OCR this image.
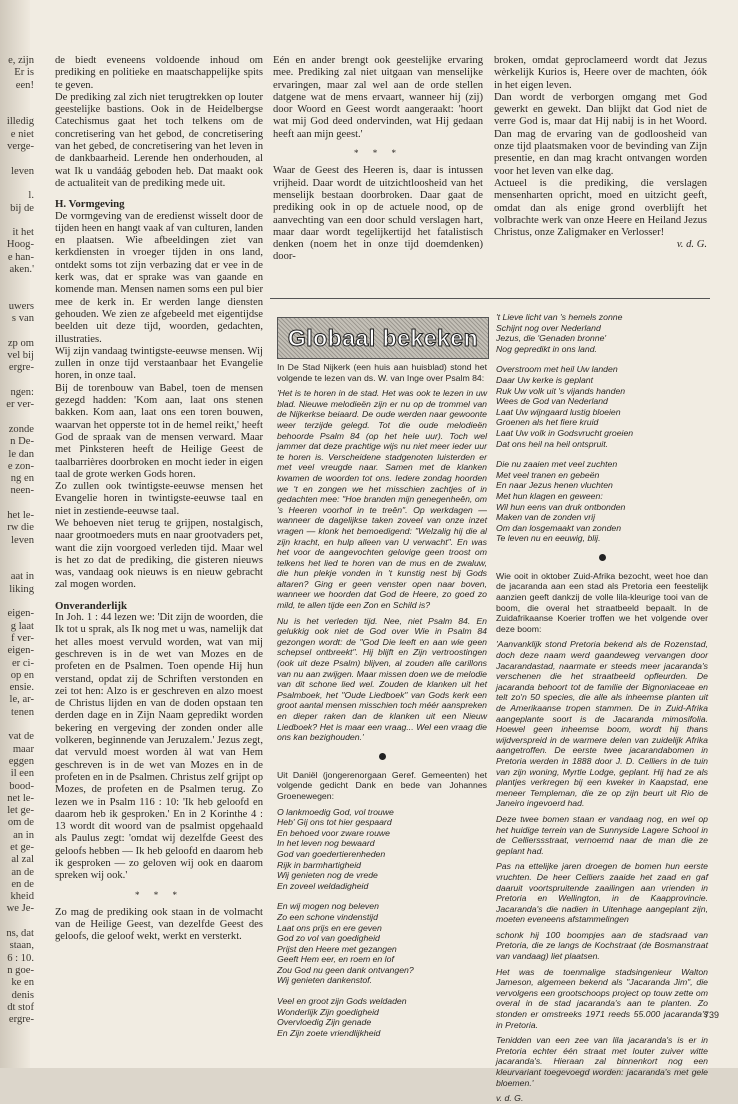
e, zijn
Er is
een!
illedig
e niet
verge-
leven
l.
bij de
it het
Hoog-
e han-
aken.'
uwers
s van
zp om
vel bij
ergre-
ngen:
er ver-
zonde
n De-
le dan
e zon-
ng en
neen-
het le-
rw die
leven
aat in
liking
eigen-
g laat
f ver-
eigen-
er ci-
op en
ensie.
le, ar-
tenen
vat de
maar
eggen
il een
bood-
net le-
let ge-
om de
an in
et ge-
al zal
an de
en de
kheid
we Je-
ns, dat
staan,
6 : 10.
n goe-
ke en
denis
dt stof
ergre-

de biedt eveneens voldoende inhoud om prediking en politieke en maatschappelijke spits te geven.

De prediking zal zich niet terugtrekken op louter geestelijke bastions. Ook in de Heidelbergse Catechismus gaat het toch telkens om de concretisering van het gebod, de concretisering van het gebed, de concretisering van het leven in de dankbaarheid. Lerende hen onderhouden, al wat Ik u vandáág geboden heb. Dat maakt ook de actualiteit van de prediking mede uit.

H. Vormgeving

De vormgeving van de eredienst wisselt door de tijden heen en hangt vaak af van culturen, landen en plaatsen. Wie afbeeldingen ziet van kerkdiensten in vroeger tijden in ons land, ontdekt soms tot zijn verbazing dat er vee in de kerk was, dat er sprake was van gaande en komende man. Mensen namen soms een pul bier mee de kerk in. Er werden lange diensten gehouden. We zien ze afgebeeld met eigentijdse beelden uit deze tijd, woorden, gedachten, illustraties.

Wij zijn vandaag twintigste-eeuwse mensen. Wij zullen in onze tijd verstaanbaar het Evangelie horen, in onze taal.

Bij de torenbouw van Babel, toen de mensen gezegd hadden: 'Kom aan, laat ons stenen bakken. Kom aan, laat ons een toren bouwen, waarvan het opperste tot in de hemel reikt,' heeft God de spraak van de mensen verward. Maar met Pinksteren heeft de Heilige Geest de taalbarrières doorbroken en mocht ieder in eigen taal de grote werken Gods horen.

Zo zullen ook twintigste-eeuwse mensen het Evangelie horen in twintigste-eeuwse taal en niet in zestiende-eeuwse taal.

We behoeven niet terug te grijpen, nostalgisch, naar grootmoeders muts en naar grootvaders pet, want die zijn voorgoed verleden tijd. Maar wel is het zo dat de prediking, die gisteren nieuws was, vandaag ook nieuws is en nieuw gebracht zal mogen worden.

Onveranderlijk

In Joh. 1 : 44 lezen we: 'Dit zijn de woorden, die Ik tot u sprak, als Ik nog met u was, namelijk dat het alles moest vervuld worden, wat van mij geschreven is in de wet van Mozes en de profeten en de Psalmen. Toen opende Hij hun verstand, opdat zij de Schriften verstonden en zei tot hen: Alzo is er geschreven en alzo moest de Christus lijden en van de doden opstaan ten derden dage en in Zijn Naam gepredikt worden bekering en vergeving der zonden onder alle volkeren, beginnende van Jeruzalem.' Jezus zegt, dat vervuld moest worden àl wat van Hem geschreven is in de wet van Mozes en in de profeten en in de Psalmen. Christus zelf grijpt op Mozes, de profeten en de Psalmen terug. Zo lezen we in Psalm 116 : 10: 'Ik heb geloofd en daarom heb ik gesproken.' En in 2 Korinthe 4 : 13 wordt dit woord van de psalmist opgehaald als Paulus zegt: 'omdat wij dezelfde Geest des geloofs hebben — Ik heb geloofd en daarom heb ik gesproken — zo geloven wij ook en daarom spreken wij ook.'

* * *

Zo mag de prediking ook staan in de volmacht van de Heilige Geest, van dezelfde Geest des geloofs, die geloof wekt, werkt en versterkt.

Eén en ander brengt ook geestelijke ervaring mee. Prediking zal niet uitgaan van menselijke ervaringen, maar zal wel aan de orde stellen datgene wat de mens ervaart, wanneer hij (zij) door Woord en Geest wordt aangeraakt: 'hoort wat mij God deed ondervinden, wat Hij gedaan heeft aan mijn geest.'

* * *

Waar de Geest des Heeren is, daar is intussen vrijheid. Daar wordt de uitzichtloosheid van het menselijk bestaan doorbroken. Daar gaat de prediking ook in op de actuele nood, op de aanvechting van een door schuld verslagen hart, maar daar wordt tegelijkertijd het fatalistisch denken (noem het in onze tijd doemdenken) door-

broken, omdat geproclameerd wordt dat Jezus wèrkelijk Kurios is, Heere over de machten, óók in het eigen leven.

Dan wordt de verborgen omgang met God gewerkt en gewekt. Dan blijkt dat God niet de verre God is, maar dat Hij nabij is in het Woord. Dan mag de ervaring van de godloosheid van onze tijd plaatsmaken voor de bevinding van Zijn presentie, en dan mag kracht ontvangen worden voor het leven van elke dag.

Actueel is die prediking, die verslagen mensenharten opricht, moed en uitzicht geeft, omdat dan als enige grond overblijft het volbrachte werk van onze Heere en Heiland Jezus Christus, onze Zaligmaker en Verlosser!

v. d. G.

Globaal bekeken

In De Stad Nijkerk (een huis aan huisblad) stond het volgende te lezen van ds. W. van Inge over Psalm 84:

'Het is te horen in de stad. Het was ook te lezen in uw blad. Nieuwe melodieën zijn er nu op de trommel van de Nijkerkse beiaard. De oude werden naar gewoonte weer terzijde gelegd. Tot die oude melodieën behoorde Psalm 84 (op het hele uur). Toch wel jammer dat deze prachtige wijs nu niet meer ieder uur te horen is. Verscheidene stadgenoten luisterden er met veel vreugde naar. Samen met de klanken kwamen de woorden tot ons. Iedere zondag hoorden we 't en zongen we het misschien zachtjes of in gedachten mee: "Hoe branden mijn genegenheên, om 's Heeren voorhof in te treên". Op werkdagen — wanneer de dagelijkse taken zoveel van onze inzet vragen — klonk het bemoedigend: "Welzalig hij die al zijn kracht, en hulp alleen van U verwacht". En was het voor de aangevochten gelovige geen troost om telkens het lied te horen van de mus en de zwaluw, die hun plekje vonden in 't kunstig nest bij Gods altaren? Ging er geen venster open naar boven, wanneer we hoorden dat God de Heere, zo goed zo mild, te allen tijde een Zon en Schild is?

Nu is het verleden tijd. Nee, niet Psalm 84. En gelukkig ook niet de God over Wie in Psalm 84 gezongen wordt: de "God Die leeft en aan wie geen schepsel ontbreekt". Hij blijft en Zijn vertroostingen (ook uit deze Psalm) blijven, al zouden alle carillons van nu aan zwijgen. Maar missen doen we de melodie van dit schone lied wel. Zouden de klanken uit het Psalmboek, het "Oude Liedboek" van Gods kerk een groot aantal mensen misschien toch méér aanspreken en dieper raken dan de klanken uit een Nieuw Liedboek? Het is maar een vraag... Wel een vraag die ons kan bezighouden.'

Uit Daniël (jongerenorgaan Geref. Gemeenten) het volgende gedicht Dank en bede van Johannes Groenewegen:

O lankmoedig God, vol trouwe
Heb' Gij ons tot hier gespaard
En behoed voor zware rouwe
In het leven nog bewaard
God van goedertierenheden
Rijk in barmhartigheid
Wij genieten nog de vrede
En zoveel weldadigheid
En wij mogen nog beleven
Zo een schone vindenstijd
Laat ons prijs en ere geven
God zo vol van goedigheid
Prijst den Heere met gezangen
Geeft Hem eer, en roem en lof
Zou God nu geen dank ontvangen?
Wij genieten dankenstof.
Veel en groot zijn Gods weldaden
Wonderlijk Zijn goedigheid
Overvloedig Zijn genade
En Zijn zoete vriendlijkheid
't Lieve licht van 's hemels zonne
Schijnt nog over Nederland
Jezus, die 'Genaden bronne'
Nog gepredikt in ons land.
Overstroom met heil Uw landen
Daar Uw kerke is geplant
Ruk Uw volk uit 's vijands handen
Wees de God van Nederland
Laat Uw wijngaard lustig bloeien
Groenen als het fiere kruid
Laat Uw volk in Godsvrucht groeien
Dat ons heil na heil ontspruit.
Die nu zaaien met veel zuchten
Met veel tranen en gebeën
En naar Jezus henen vluchten
Met hun klagen en geween:
Wil hun eens van druk ontbonden
Maken van de zonden vrij
Om dan losgemaakt van zonden
Te leven nu en eeuwig, blij.

Wie ooit in oktober Zuid-Afrika bezocht, weet hoe dan de jacaranda aan een stad als Pretoria een feestelijk aanzien geeft dankzij de volle lila-kleurige tooi van de boom, die overal het straatbeeld bepaalt. In de Zuidafrikaanse Koerier troffen we het volgende over deze boom:

'Aanvanklijk stond Pretoria bekend als de Rozenstad, doch deze naam werd gaandeweg vervangen door Jacarandastad, naarmate er steeds meer jacaranda's verschenen die het straatbeeld opfleurden. De jacaranda behoort tot de familie der Bignoniaceae en telt zo'n 50 species, die alle als inheemse planten uit de Amerikaanse tropen stammen. De in Zuid-Afrika aangeplante soort is de Jacaranda mimosifolia. Hoewel geen inheemse boom, wordt hij thans wijdverspreid in de warmere delen van zuidelijk Afrika aangetroffen. De eerste twee jacarandabomen in Pretoria werden in 1888 door J. D. Celliers in de tuin van zijn woning, Myrtle Lodge, geplant. Hij had ze als plantjes verkregen bij een kweker in Kaapstad, ene meneer Templeman, die ze op zijn beurt uit Rio de Janeiro ingevoerd had.

Deze twee bomen staan er vandaag nog, en wel op het huidige terrein van de Sunnyside Lagere School in de Cellierssstraat, vernoemd naar de man die ze geplant had.

Pas na ettelijke jaren droegen de bomen hun eerste vruchten. De heer Celliers zaaide het zaad en gaf daaruit voortspruitende zaailingen aan vrienden in Pretoria en Wellington, in de Kaapprovincie. Jacaranda's die nadien in Uitenhage aangeplant zijn, moeten eveneens afstammelingen

schonk hij 100 boompjes aan de stadsraad van Pretoria, die ze langs de Kochstraat (de Bosmanstraat van vandaag) liet plaatsen.

Het was de toenmalige stadsingenieur Walton Jameson, algemeen bekend als "Jacaranda Jim", die vervolgens een grootschoops project op touw zette om overal in de stad jacaranda's aan te planten. Zo stonden er omstreeks 1971 reeds 55.000 jacaranda's in Pretoria.

Tenidden van een zee van lila jacaranda's is er in Pretoria echter één straat met louter zuiver witte jacaranda's. Hieraan zal binnenkort nog een kleurvariant toegevoegd worden: jacaranda's met gele bloemen.'

v. d. G.

739
